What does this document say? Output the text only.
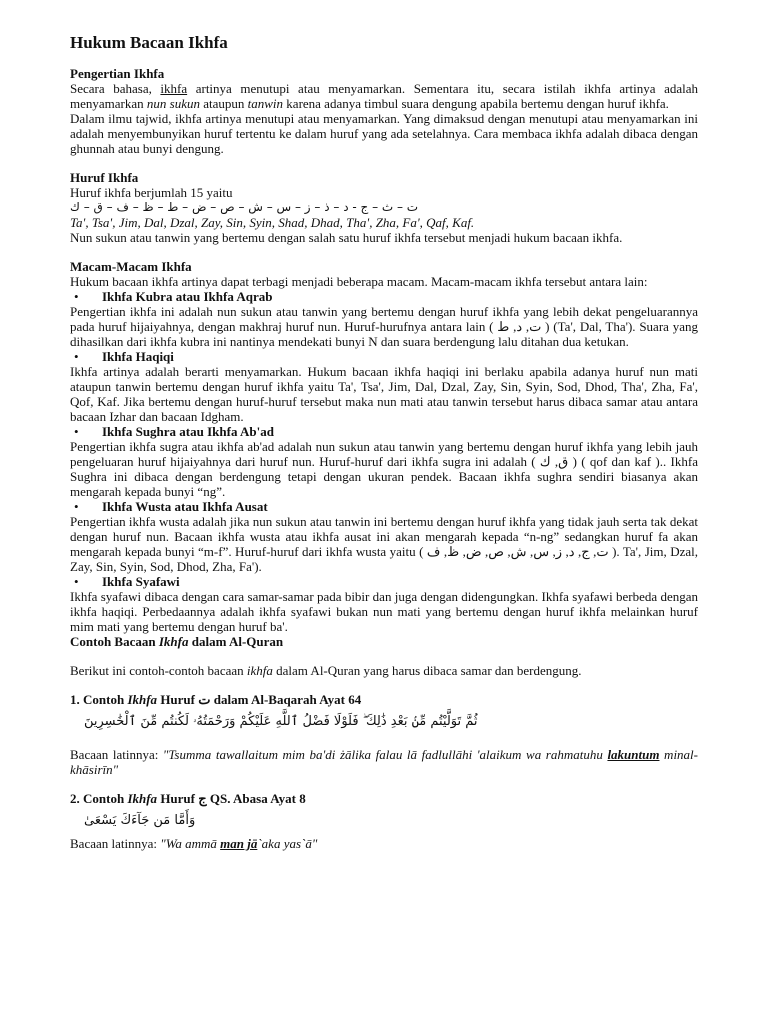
Hukum Bacaan Ikhfa
Pengertian Ikhfa

Secara bahasa, ikhfa artinya menutupi atau menyamarkan. Sementara itu, secara istilah ikhfa artinya adalah menyamarkan nun sukun ataupun tanwin karena adanya timbul suara dengung apabila bertemu dengan huruf ikhfa.

Dalam ilmu tajwid, ikhfa artinya menutupi atau menyamarkan. Yang dimaksud dengan menutupi atau menyamarkan ini adalah menyembunyikan huruf tertentu ke dalam huruf yang ada setelahnya. Cara membaca ikhfa adalah dibaca dengan ghunnah atau bunyi dengung.

Huruf Ikhfa

Huruf ikhfa berjumlah 15 yaitu

ت – ث – ج - د – ذ – ز – س – ش – ص – ض – ط – ظ – ف – ق – ك

Ta', Tsa', Jim, Dal, Dzal, Zay, Sin, Syin, Shad, Dhad, Tha', Zha, Fa', Qaf, Kaf.

Nun sukun atau tanwin yang bertemu dengan salah satu huruf ikhfa tersebut menjadi hukum bacaan ikhfa.

Macam-Macam Ikhfa

Hukum bacaan ikhfa artinya dapat terbagi menjadi beberapa macam. Macam-macam ikhfa tersebut antara lain:

•	Ikhfa Kubra atau Ikhfa Aqrab

Pengertian ikhfa ini adalah nun sukun atau tanwin yang bertemu dengan huruf ikhfa yang lebih dekat pengeluarannya pada huruf hijaiyahnya, dengan makhraj huruf nun. Huruf-hurufnya antara lain ( ت, د, ط ) (Ta', Dal, Tha'). Suara yang dihasilkan dari ikhfa kubra ini nantinya mendekati bunyi N dan suara berdengung lalu ditahan dua ketukan.

•	Ikhfa Haqiqi

Ikhfa artinya adalah berarti menyamarkan. Hukum bacaan ikhfa haqiqi ini berlaku apabila adanya huruf nun mati ataupun tanwin bertemu dengan huruf ikhfa yaitu Ta', Tsa', Jim, Dal, Dzal, Zay, Sin, Syin, Sod, Dhod, Tha', Zha, Fa', Qof, Kaf. Jika bertemu dengan huruf-huruf tersebut maka nun mati atau tanwin tersebut harus dibaca samar atau antara bacaan Izhar dan bacaan Idgham.

•	Ikhfa Sughra atau Ikhfa Ab'ad

Pengertian ikhfa sugra atau ikhfa ab'ad adalah nun sukun atau tanwin yang bertemu dengan huruf ikhfa yang lebih jauh pengeluaran huruf hijaiyahnya dari huruf nun. Huruf-huruf dari ikhfa sugra ini adalah ( ق, ك ) ( qof dan kaf ).. Ikhfa Sughra ini dibaca dengan berdengung tetapi dengan ukuran pendek. Bacaan ikhfa sughra sendiri biasanya akan mengarah kepada bunyi “ng”.

•	Ikhfa Wusta atau Ikhfa Ausat

Pengertian ikhfa wusta adalah jika nun sukun atau tanwin ini bertemu dengan huruf ikhfa yang tidak jauh serta tak dekat dengan huruf nun. Bacaan ikhfa wusta atau ikhfa ausat ini akan mengarah kepada “n-ng” sedangkan huruf fa akan mengarah kepada bunyi “m-f”. Huruf-huruf dari ikhfa wusta yaitu ( ت, ج, د, ز, س, ش, ص, ض, ظ, ف ). Ta', Jim, Dzal, Zay, Sin, Syin, Sod, Dhod, Zha, Fa').

•	Ikhfa Syafawi

Ikhfa syafawi dibaca dengan cara samar-samar pada bibir dan juga dengan didengungkan. Ikhfa syafawi berbeda dengan ikhfa haqiqi. Perbedaannya adalah ikhfa syafawi bukan nun mati yang bertemu dengan huruf ikhfa melainkan huruf mim mati yang bertemu dengan huruf ba'.

Contoh Bacaan Ikhfa dalam Al-Quran

Berikut ini contoh-contoh bacaan ikhfa dalam Al-Quran yang harus dibaca samar dan berdengung.

1. Contoh Ikhfa Huruf ت dalam Al-Baqarah Ayat 64
ثُمَّ تَوَلَّيْتُم مِّنۢ بَعْدِ ذَٰلِكَ ۖ فَلَوْلَا فَضْلُ ٱللَّهِ عَلَيْكُمْ وَرَحْمَتُهُۥ لَكُنتُم مِّنَ ٱلْخَٰسِرِينَ

Bacaan latinnya: "Tsumma tawallaitum mim ba'di żālika falau lā fadlullāhi 'alaikum wa rahmatuhu lakuntum minal-khāsirīn"

2. Contoh Ikhfa Huruf ج QS. Abasa Ayat 8
وَأَمَّا مَن جَآءَكَ يَسْعَىٰ

Bacaan latinnya: "Wa ammā man jā`aka yas`ā"
